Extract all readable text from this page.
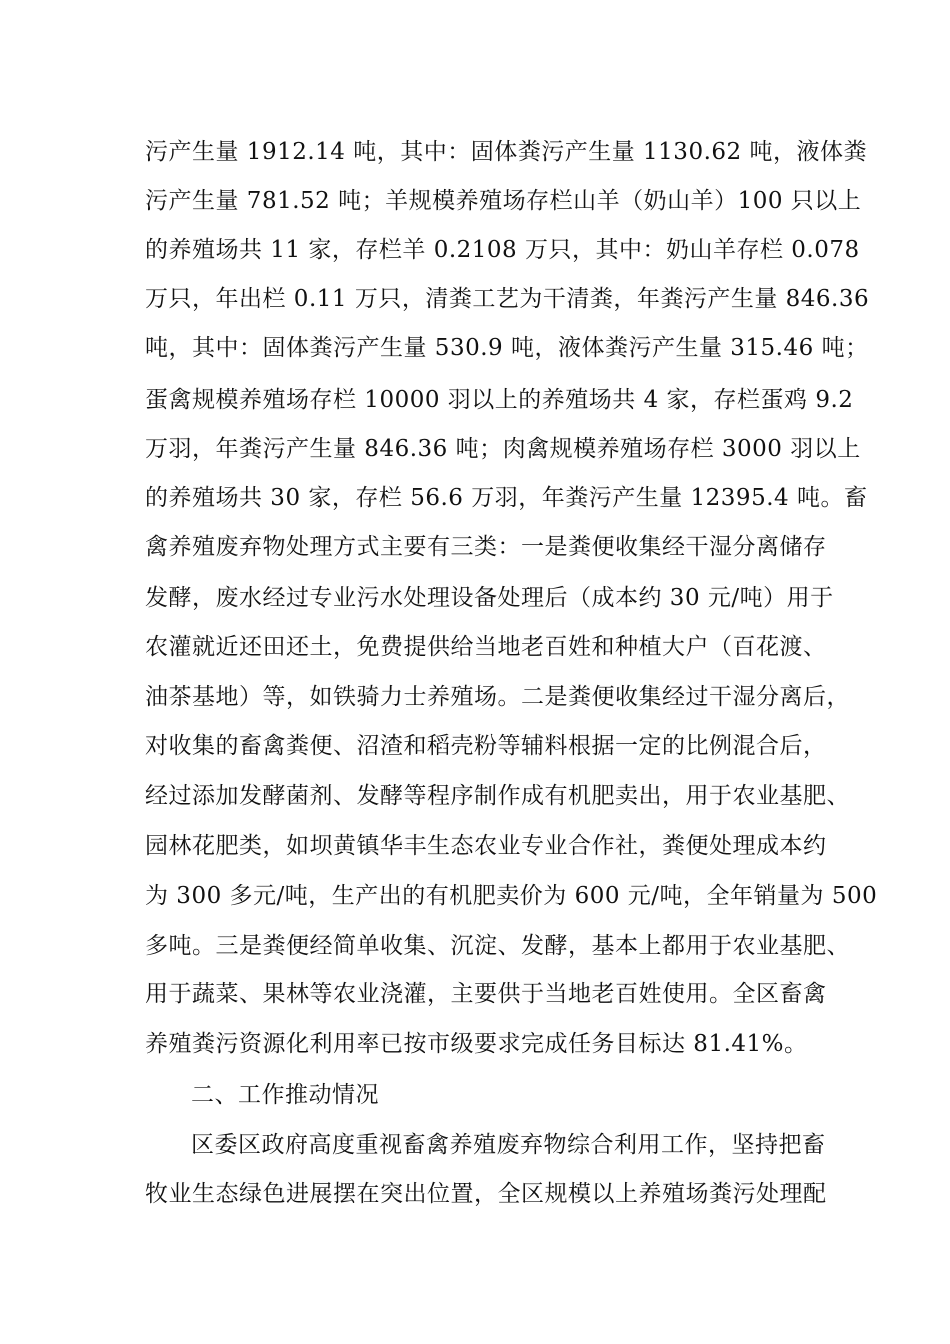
污产生量 1912.14 吨，其中：固体粪污产生量 1130.62 吨，液体粪
污产生量 781.52 吨；羊规模养殖场存栏山羊（奶山羊）100 只以上
的养殖场共 11 家，存栏羊 0.2108 万只，其中：奶山羊存栏 0.078
万只，年出栏 0.11 万只，清粪工艺为干清粪，年粪污产生量 846.36
吨，其中：固体粪污产生量 530.9 吨，液体粪污产生量 315.46 吨；
蛋禽规模养殖场存栏 10000 羽以上的养殖场共 4 家，存栏蛋鸡 9.2
万羽，年粪污产生量 846.36 吨；肉禽规模养殖场存栏 3000 羽以上
的养殖场共 30 家，存栏 56.6 万羽，年粪污产生量 12395.4 吨。畜
禽养殖废弃物处理方式主要有三类：一是粪便收集经干湿分离储存
发酵，废水经过专业污水处理设备处理后（成本约 30 元/吨）用于
农灌就近还田还土，免费提供给当地老百姓和种植大户（百花渡、
油茶基地）等，如铁骑力士养殖场。二是粪便收集经过干湿分离后，
对收集的畜禽粪便、沼渣和稻壳粉等辅料根据一定的比例混合后，
经过添加发酵菌剂、发酵等程序制作成有机肥卖出，用于农业基肥、
园林花肥类，如坝黄镇华丰生态农业专业合作社，粪便处理成本约
为 300 多元/吨，生产出的有机肥卖价为 600 元/吨，全年销量为 500
多吨。三是粪便经简单收集、沉淀、发酵，基本上都用于农业基肥、
用于蔬菜、果林等农业浇灌，主要供于当地老百姓使用。全区畜禽
养殖粪污资源化利用率已按市级要求完成任务目标达 81.41%。
二、工作推动情况
区委区政府高度重视畜禽养殖废弃物综合利用工作，坚持把畜
牧业生态绿色进展摆在突出位置，全区规模以上养殖场粪污处理配
